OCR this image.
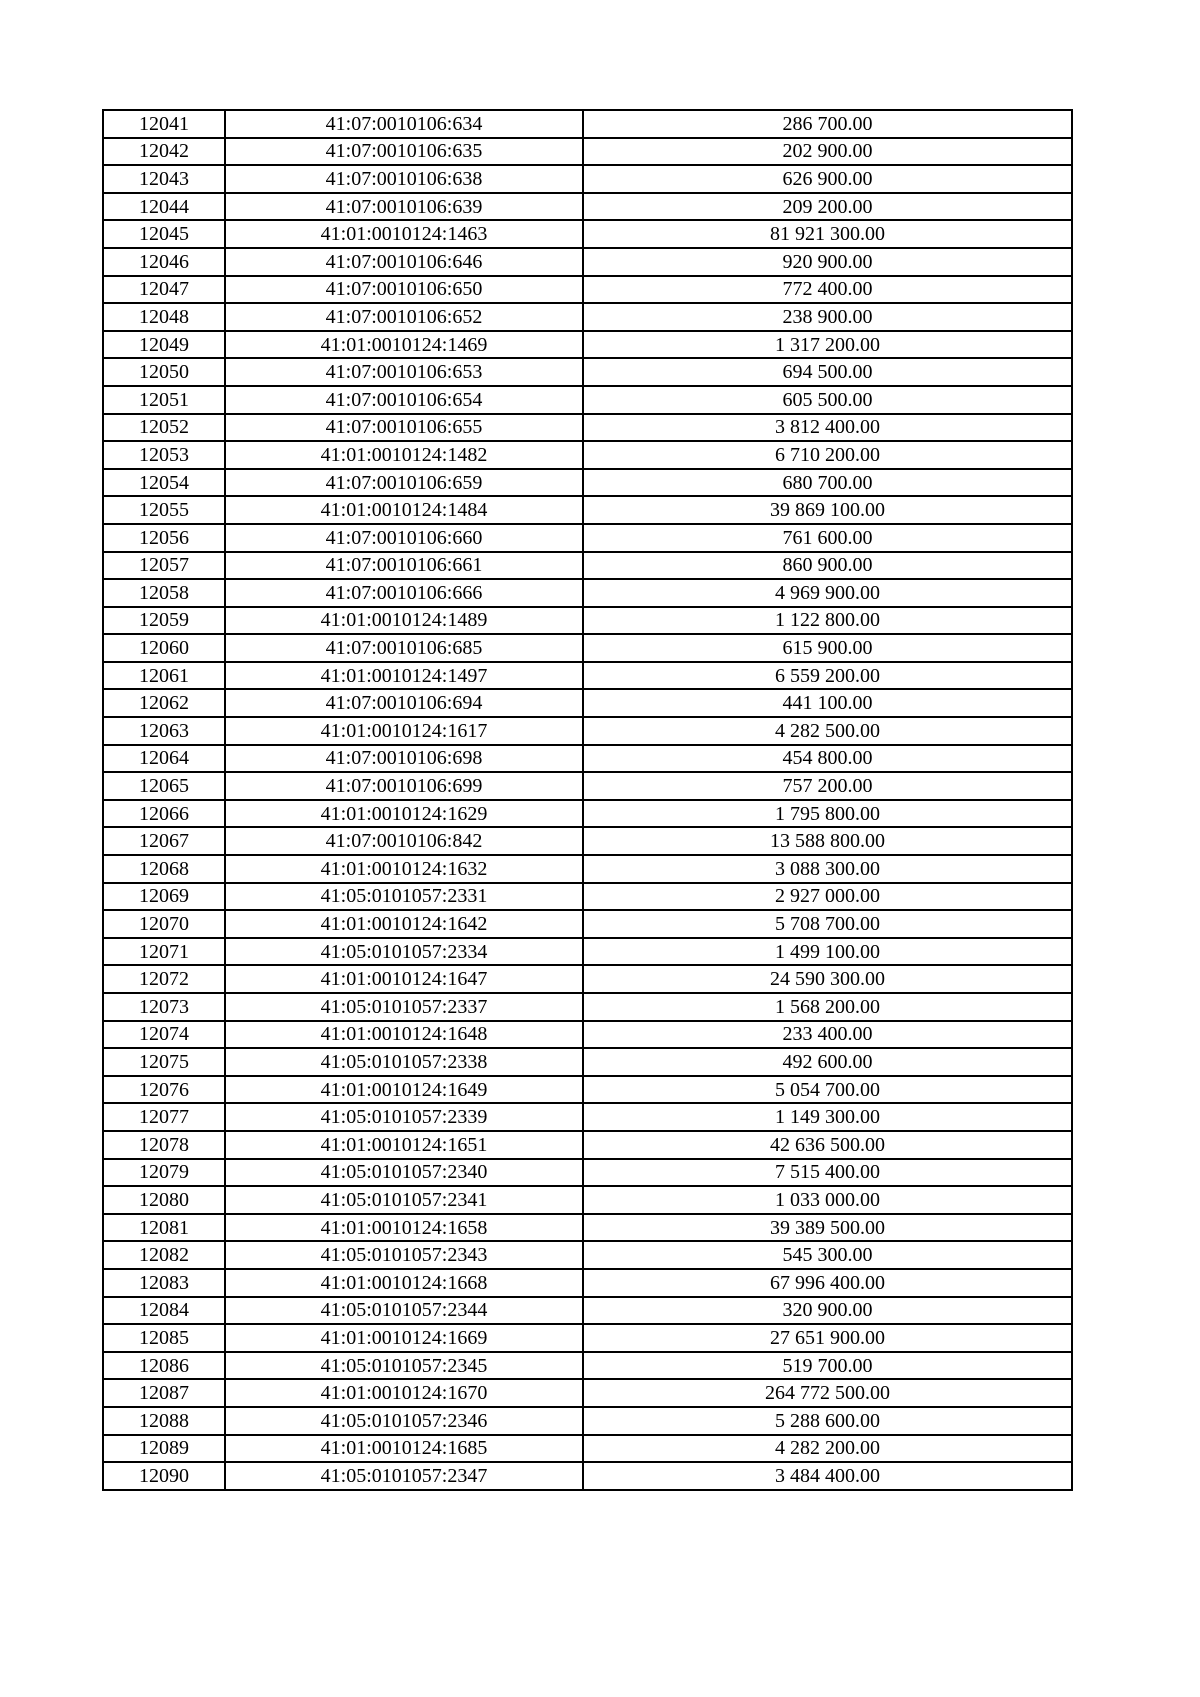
12041	41:07:0010106:634	286 700.00
12042	41:07:0010106:635	202 900.00
12043	41:07:0010106:638	626 900.00
12044	41:07:0010106:639	209 200.00
12045	41:01:0010124:1463	81 921 300.00
12046	41:07:0010106:646	920 900.00
12047	41:07:0010106:650	772 400.00
12048	41:07:0010106:652	238 900.00
12049	41:01:0010124:1469	1 317 200.00
12050	41:07:0010106:653	694 500.00
12051	41:07:0010106:654	605 500.00
12052	41:07:0010106:655	3 812 400.00
12053	41:01:0010124:1482	6 710 200.00
12054	41:07:0010106:659	680 700.00
12055	41:01:0010124:1484	39 869 100.00
12056	41:07:0010106:660	761 600.00
12057	41:07:0010106:661	860 900.00
12058	41:07:0010106:666	4 969 900.00
12059	41:01:0010124:1489	1 122 800.00
12060	41:07:0010106:685	615 900.00
12061	41:01:0010124:1497	6 559 200.00
12062	41:07:0010106:694	441 100.00
12063	41:01:0010124:1617	4 282 500.00
12064	41:07:0010106:698	454 800.00
12065	41:07:0010106:699	757 200.00
12066	41:01:0010124:1629	1 795 800.00
12067	41:07:0010106:842	13 588 800.00
12068	41:01:0010124:1632	3 088 300.00
12069	41:05:0101057:2331	2 927 000.00
12070	41:01:0010124:1642	5 708 700.00
12071	41:05:0101057:2334	1 499 100.00
12072	41:01:0010124:1647	24 590 300.00
12073	41:05:0101057:2337	1 568 200.00
12074	41:01:0010124:1648	233 400.00
12075	41:05:0101057:2338	492 600.00
12076	41:01:0010124:1649	5 054 700.00
12077	41:05:0101057:2339	1 149 300.00
12078	41:01:0010124:1651	42 636 500.00
12079	41:05:0101057:2340	7 515 400.00
12080	41:05:0101057:2341	1 033 000.00
12081	41:01:0010124:1658	39 389 500.00
12082	41:05:0101057:2343	545 300.00
12083	41:01:0010124:1668	67 996 400.00
12084	41:05:0101057:2344	320 900.00
12085	41:01:0010124:1669	27 651 900.00
12086	41:05:0101057:2345	519 700.00
12087	41:01:0010124:1670	264 772 500.00
12088	41:05:0101057:2346	5 288 600.00
12089	41:01:0010124:1685	4 282 200.00
12090	41:05:0101057:2347	3 484 400.00
